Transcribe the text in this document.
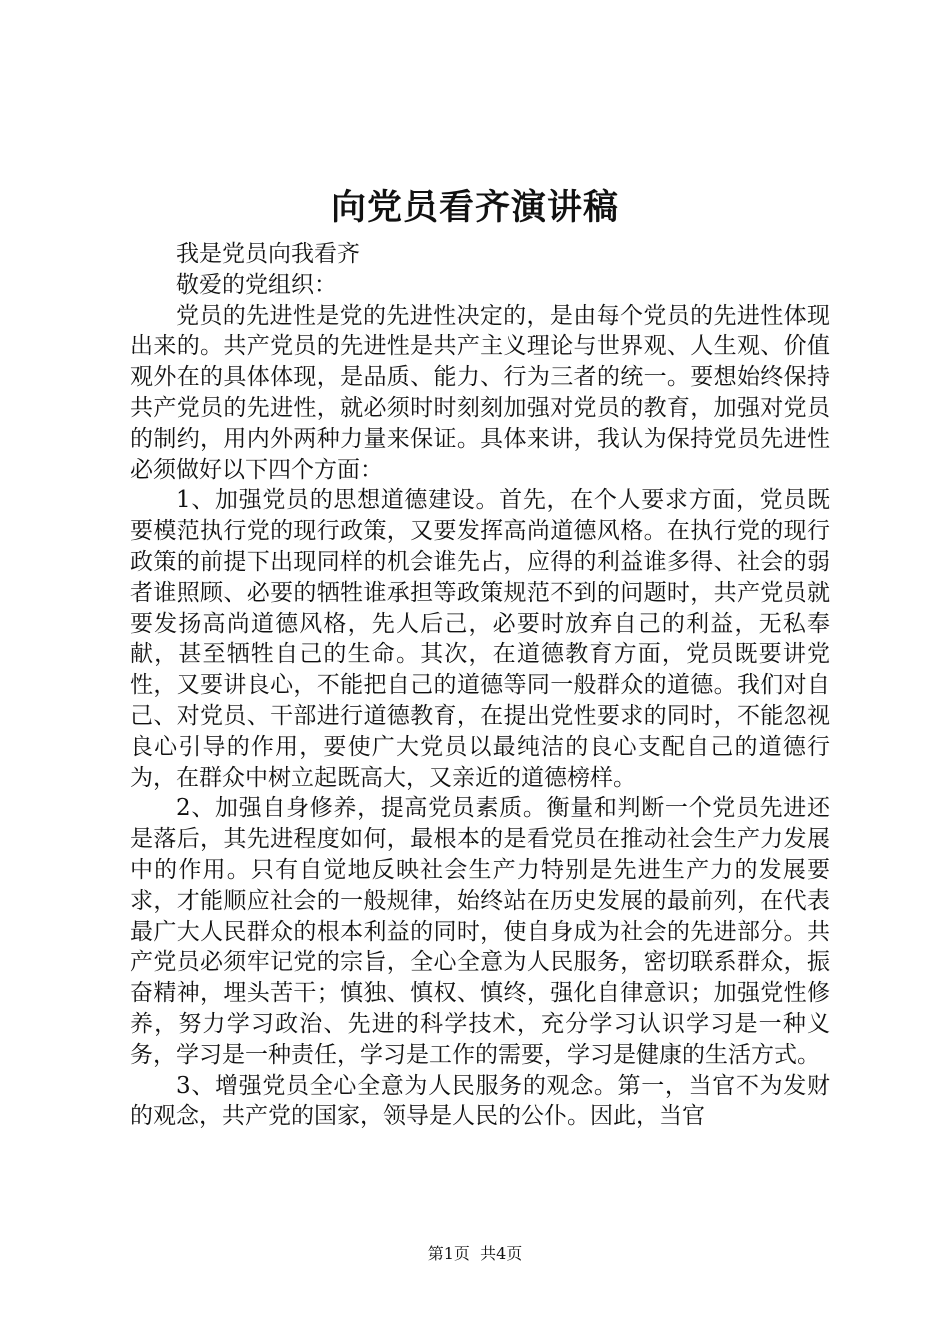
向党员看齐演讲稿

我是党员向我看齐

敬爱的党组织：

党员的先进性是党的先进性决定的，是由每个党员的先进性体现出来的。共产党员的先进性是共产主义理论与世界观、人生观、价值观外在的具体体现，是品质、能力、行为三者的统一。要想始终保持共产党员的先进性，就必须时时刻刻加强对党员的教育，加强对党员的制约，用内外两种力量来保证。具体来讲，我认为保持党员先进性必须做好以下四个方面：

1、加强党员的思想道德建设。首先，在个人要求方面，党员既要模范执行党的现行政策，又要发挥高尚道德风格。在执行党的现行政策的前提下出现同样的机会谁先占，应得的利益谁多得、社会的弱者谁照顾、必要的牺牲谁承担等政策规范不到的问题时，共产党员就要发扬高尚道德风格，先人后己，必要时放弃自己的利益，无私奉献，甚至牺牲自己的生命。其次，在道德教育方面，党员既要讲党性，又要讲良心，不能把自己的道德等同一般群众的道德。我们对自己、对党员、干部进行道德教育，在提出党性要求的同时，不能忽视良心引导的作用，要使广大党员以最纯洁的良心支配自己的道德行为，在群众中树立起既高大，又亲近的道德榜样。

2、加强自身修养，提高党员素质。衡量和判断一个党员先进还是落后，其先进程度如何，最根本的是看党员在推动社会生产力发展中的作用。只有自觉地反映社会生产力特别是先进生产力的发展要求，才能顺应社会的一般规律，始终站在历史发展的最前列，在代表最广大人民群众的根本利益的同时，使自身成为社会的先进部分。共产党员必须牢记党的宗旨，全心全意为人民服务，密切联系群众，振奋精神，埋头苦干；慎独、慎权、慎终，强化自律意识；加强党性修养，努力学习政治、先进的科学技术，充分学习认识学习是一种义务，学习是一种责任，学习是工作的需要，学习是健康的生活方式。

3、增强党员全心全意为人民服务的观念。第一，当官不为发财的观念，共产党的国家，领导是人民的公仆。因此，当官

第1页  共4页
